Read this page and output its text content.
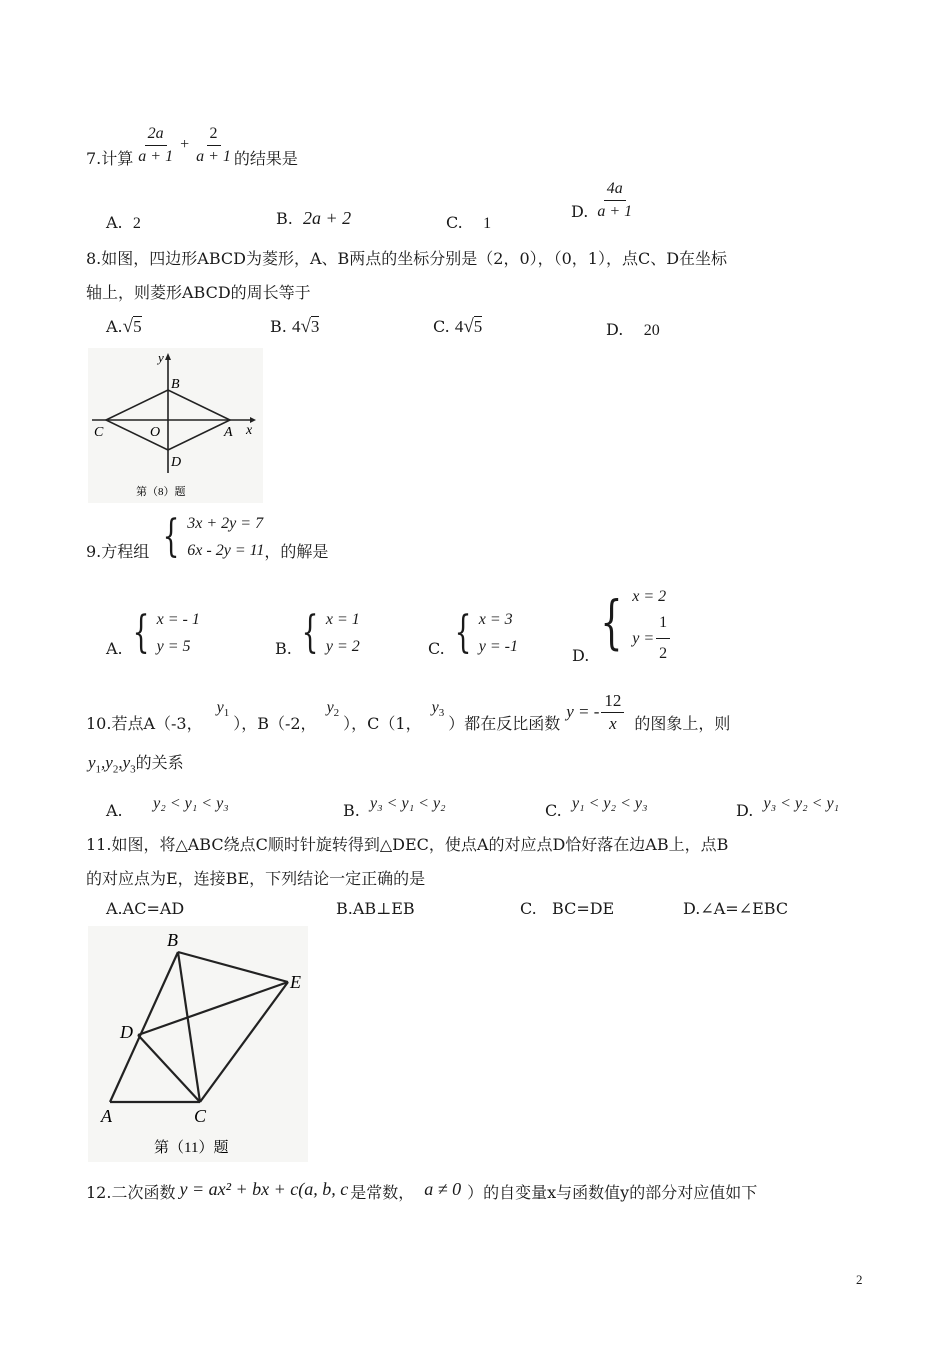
7.计算 $\frac{2a}{a + 1} + \frac{2}{a + 1}$ 的结果是
A. 2	B. 2a + 2	C. 1
D. $\frac{4a}{a + 1}$
8.如图，四边形ABCD为菱形，A、B两点的坐标分别是（2，0），（0，1），点C、D在坐标
轴上，则菱形ABCD的周长等于
A.√5	B. 4√3	C. 4√5	D. 20
y
x
B
C	O	A
D
第（8）题
9.方程组 { 3x + 2y = 7
6x - 2y = 11 ，的解是
A. { x = - 1
y = 5	B. { x = 1
y = 2	C. { x = 3
y = -1	D. { x = 2
$y = \frac{1}{2}$
10.若点A（-3，
$y_1$
），B（-2，
$y_2$
），C（1，
$y_3$
）都在反比函数
y = - $\frac{12}{x}$ 的图象上，则
$y_1,y_2,y_3$的关系
A. y₂ < y₁ < y₃	B. y₃ < y₁ < y₂	C. y₁ < y₂ < y₃	D. y₃ < y₂ < y₁
11.如图，将△ABC绕点C顺时针旋转得到△DEC，使点A的对应点D恰好落在边AB上，点B
的对应点为E，连接BE，下列结论一定正确的是
A.AC=AD	B.AB⊥EB	C.   BC=DE	D.∠A=∠EBC
B
E
D
A	C
第（11）题
12.二次函数 y = ax² + bx + c(a, b, c 是常数， a ≠ 0 ）的自变量x与函数值y的部分对应值如下
2
